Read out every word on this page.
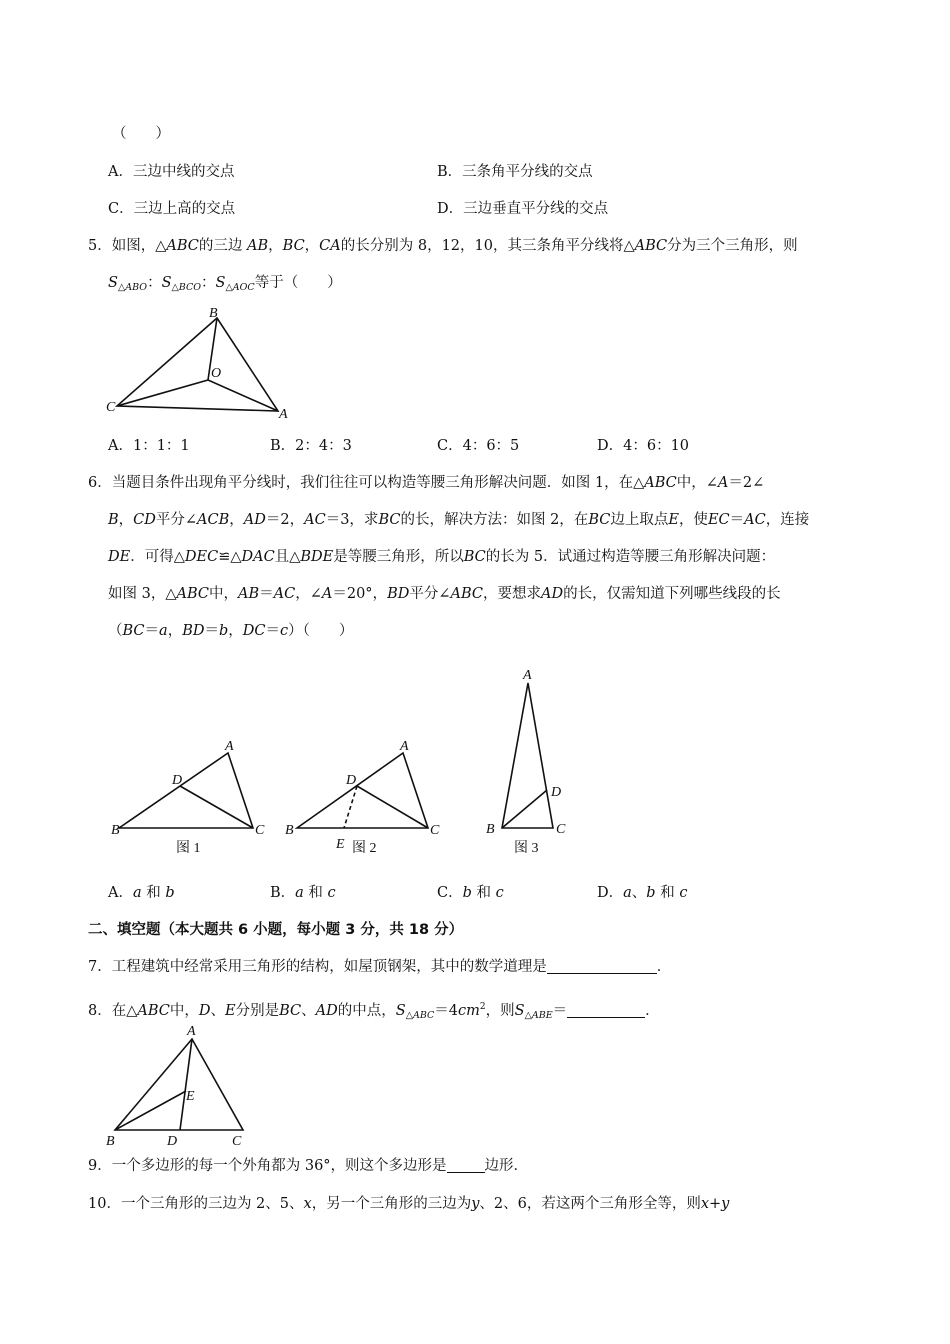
（　　）
A．三边中线的交点	B．三条角平分线的交点
C．三边上高的交点	D．三边垂直平分线的交点
5．如图，△ABC的三边 AB，BC，CA的长分别为 8，12，10，其三条角平分线将△ABC分为三个三角形，则
$S_{\triangle ABO}$：$S_{\triangle BCO}$：$S_{\triangle AOC}$等于（　　）
B
O
C	A
A．1：1：1	B．2：4：3	C．4：6：5	D．4：6：10
6．当题目条件出现角平分线时，我们往往可以构造等腰三角形解决问题．如图 1，在△ABC中，∠A＝2∠
B，CD平分∠ACB，AD＝2，AC＝3，求BC的长，解决方法：如图 2，在BC边上取点E，使EC＝AC，连接
DE．可得△DEC≌△DAC且△BDE是等腰三角形，所以BC的长为 5．试通过构造等腰三角形解决问题：
如图 3，△ABC中，AB＝AC，∠A＝20°，BD平分∠ABC，要想求AD的长，仅需知道下列哪些线段的长
（BC＝a，BD＝b，DC＝c）（　　）
A
D
B	C
图 1
A
D
B	C
E 图 2
A
D
B	C
图 3
A．a 和 b	B．a 和 c	C．b 和 c	D．a、b 和 c
二、填空题（本大题共 6 小题，每小题 3 分，共 18 分）
7．工程建筑中经常采用三角形的结构，如屋顶钢架，其中的数学道理是	．
8．在△ABC中，D、E分别是BC、AD的中点，$S_{\triangle ABC}=4cm^2$，则$S_{\triangle ABE}=$	．
A
E
B	D	C
9．一个多边形的每一个外角都为 36°，则这个多边形是	边形．
10．一个三角形的三边为 2、5、x，另一个三角形的三边为y、2、6，若这两个三角形全等，则x+y
